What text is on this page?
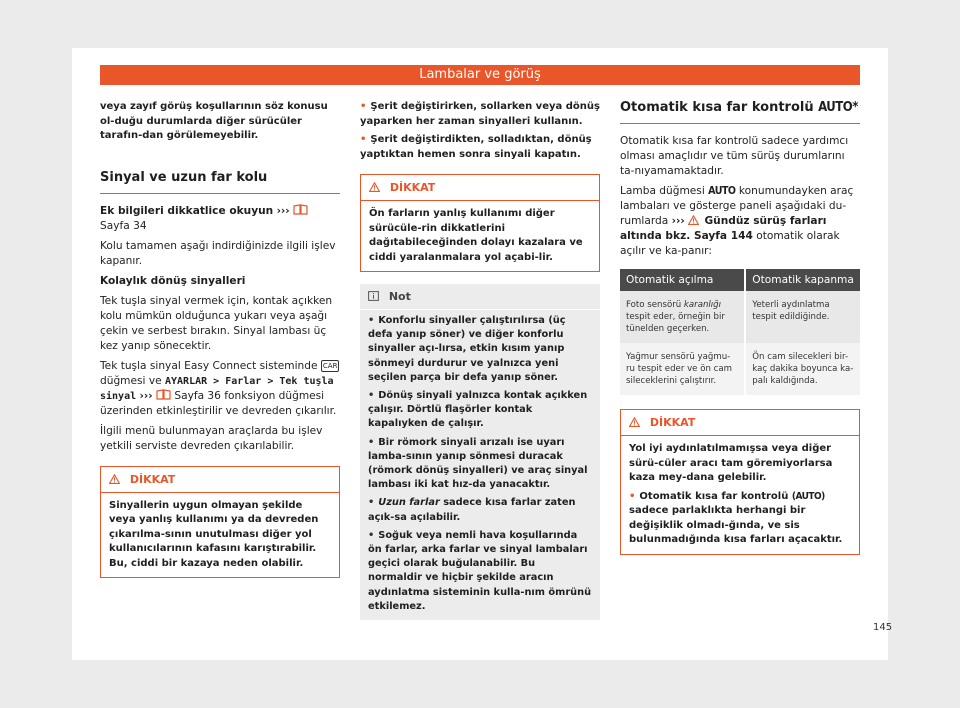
Lambalar ve görüş

veya zayıf görüş koşullarının söz konusu ol-duğu durumlarda diğer sürücüler tarafın-dan görülemeyebilir.

Sinyal ve uzun far kolu

Ek bilgileri dikkatlice okuyun ›››  Sayfa 34

Kolu tamamen aşağı indirdiğinizde ilgili işlev kapanır.

Kolaylık dönüş sinyalleri

Tek tuşla sinyal vermek için, kontak açıkken kolu mümkün olduğunca yukarı veya aşağı çekin ve serbest bırakın. Sinyal lambası üç kez yanıp sönecektir.

Tek tuşla sinyal Easy Connect sisteminde CAR düğmesi ve AYARLAR > Farlar > Tek tuşla sinyal ››› Sayfa 36 fonksiyon düğmesi üzerinden etkinleştirilir ve devreden çıkarılır.

İlgili menü bulunmayan araçlarda bu işlev yetkili serviste devreden çıkarılabilir.

DİKKAT
Sinyallerin uygun olmayan şekilde veya yanlış kullanımı ya da devreden çıkarılma-sının unutulması diğer yol kullanıcılarının kafasını karıştırabilir. Bu, ciddi bir kazaya neden olabilir.

• Şerit değiştirirken, sollarken veya dönüş yaparken her zaman sinyalleri kullanın.

• Şerit değiştirdikten, solladıktan, dönüş yaptıktan hemen sonra sinyali kapatın.

DİKKAT
Ön farların yanlış kullanımı diğer sürücüle-rin dikkatlerini dağıtabileceğinden dolayı kazalara ve ciddi yaralanmalara yol açabi-lir.
Not

• Konforlu sinyaller çalıştırılırsa (üç defa yanıp söner) ve diğer konforlu sinyaller açı-lırsa, etkin kısım yanıp sönmeyi durdurur ve yalnızca yeni seçilen parça bir defa yanıp söner.

• Dönüş sinyali yalnızca kontak açıkken çalışır. Dörtlü flaşörler kontak kapalıyken de çalışır.

• Bir römork sinyali arızalı ise uyarı lamba-sının yanıp sönmesi duracak (römork dönüş sinyalleri) ve araç sinyal lambası iki kat hız-da yanacaktır.

• Uzun farlar sadece kısa farlar zaten açık-sa açılabilir.

• Soğuk veya nemli hava koşullarında ön farlar, arka farlar ve sinyal lambaları geçici olarak buğulanabilir. Bu normaldir ve hiçbir şekilde aracın aydınlatma sisteminin kulla-nım ömrünü etkilemez.

Otomatik kısa far kontrolü AUTO*

Otomatik kısa far kontrolü sadece yardımcı olması amaçlıdır ve tüm sürüş durumlarını ta-nıyamamaktadır.

Lamba düğmesi AUTO konumundayken araç lambaları ve gösterge paneli aşağıdaki du-rumlarda ››› Gündüz sürüş farları altında bkz. Sayfa 144 otomatik olarak açılır ve ka-panır:

Otomatik açılma	Otomatik kapanma
Foto sensörü karanlığı tespit eder, örneğin bir tünelden geçerken.	Yeterli aydınlatma tespit edildiğinde.
Yağmur sensörü yağmu-ru tespit eder ve ön cam sileceklerini çalıştırır.	Ön cam silecekleri bir-kaç dakika boyunca ka-palı kaldığında.
DİKKAT

Yol iyi aydınlatılmamışsa veya diğer sürü-cüler aracı tam göremiyorlarsa kaza mey-dana gelebilir.

• Otomatik kısa far kontrolü (AUTO) sadece parlaklıkta herhangi bir değişiklik olmadı-ğında, ve sis bulunmadığında kısa farları açacaktır.

145
